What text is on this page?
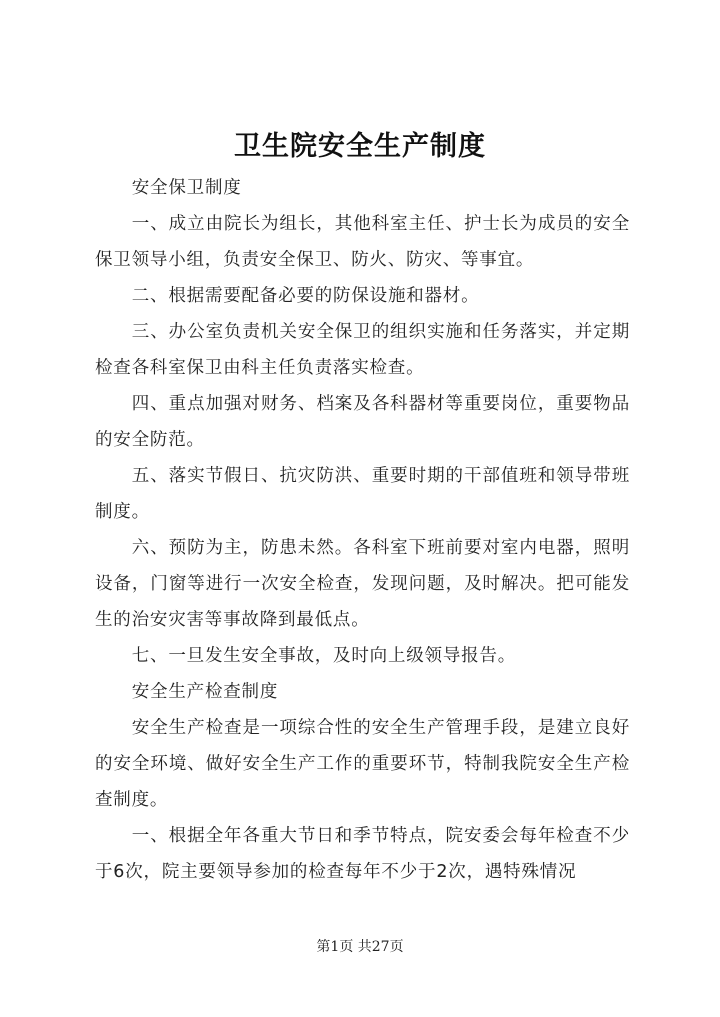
卫生院安全生产制度

安全保卫制度

一、成立由院长为组长，其他科室主任、护士长为成员的安全保卫领导小组，负责安全保卫、防火、防灾、等事宜。

二、根据需要配备必要的防保设施和器材。

三、办公室负责机关安全保卫的组织实施和任务落实，并定期检查各科室保卫由科主任负责落实检查。

四、重点加强对财务、档案及各科器材等重要岗位，重要物品的安全防范。

五、落实节假日、抗灾防洪、重要时期的干部值班和领导带班制度。

六、预防为主，防患未然。各科室下班前要对室内电器，照明设备，门窗等进行一次安全检查，发现问题，及时解决。把可能发生的治安灾害等事故降到最低点。

七、一旦发生安全事故，及时向上级领导报告。

安全生产检查制度

安全生产检查是一项综合性的安全生产管理手段，是建立良好的安全环境、做好安全生产工作的重要环节，特制我院安全生产检查制度。

一、根据全年各重大节日和季节特点，院安委会每年检查不少于6次，院主要领导参加的检查每年不少于2次，遇特殊情况

第1页 共27页
